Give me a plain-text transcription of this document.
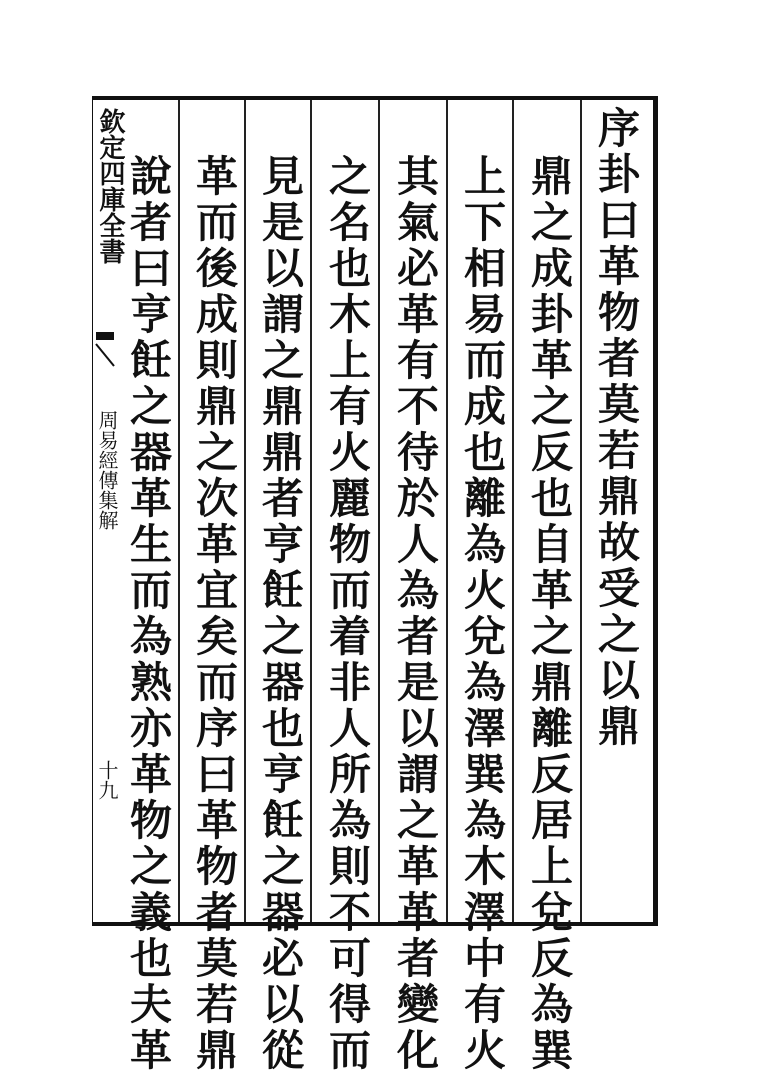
欽定四庫全書
周易經傳集解
十九
序卦曰革物者莫若鼎故受之以鼎
鼎之成卦革之反也自革之鼎離反居上兌反為巽
上下相易而成也離為火兌為澤巽為木澤中有火
其氣必革有不待於人為者是以謂之革革者變化
之名也木上有火麗物而着非人所為則不可得而
見是以謂之鼎鼎者亨飪之器也亨飪之器必以從
革而後成則鼎之次革宜矣而序曰革物者莫若鼎
說者曰亨飪之器革生而為熟亦革物之義也夫革
